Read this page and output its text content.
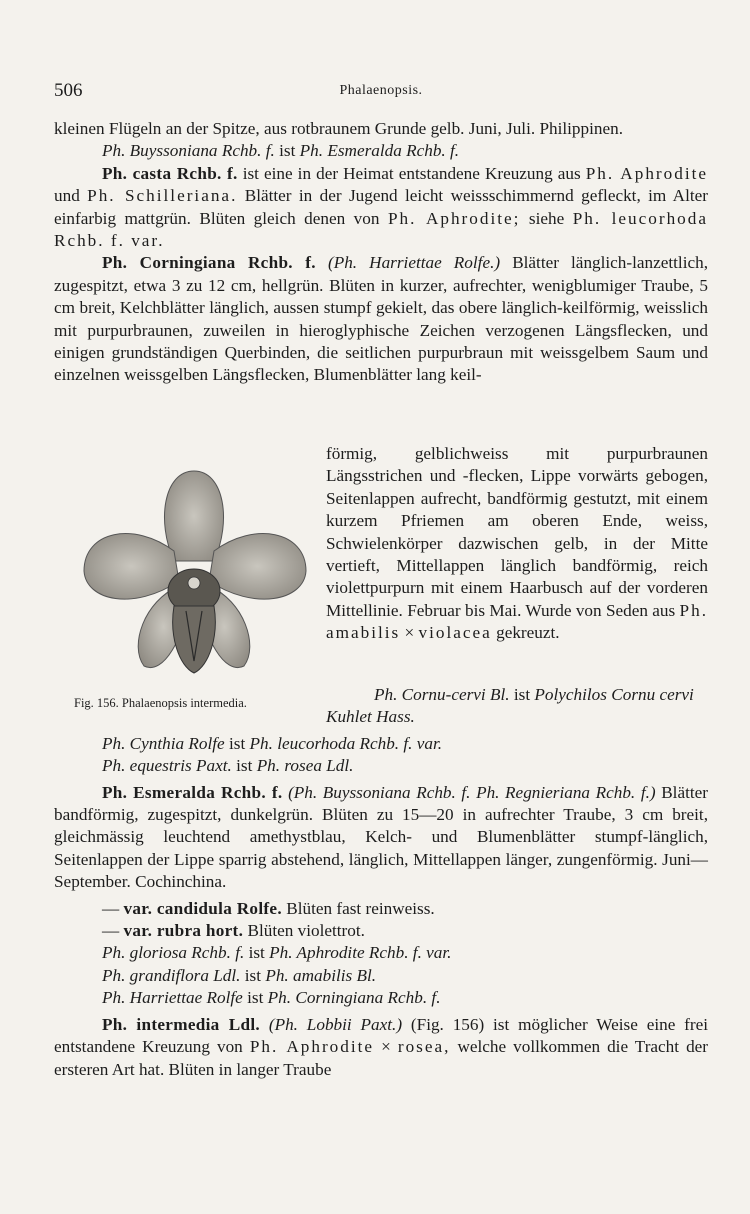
506	Phalaenopsis.

kleinen Flügeln an der Spitze, aus rotbraunem Grunde gelb. Juni, Juli. Philippinen.

Ph. Buyssoniana Rchb. f. ist Ph. Esmeralda Rchb. f.

Ph. casta Rchb. f. ist eine in der Heimat entstandene Kreuzung aus Ph. Aphrodite und Ph. Schilleriana. Blätter in der Jugend leicht weissschimmernd gefleckt, im Alter einfarbig mattgrün. Blüten gleich denen von Ph. Aphrodite; siehe Ph. leucorhoda Rchb. f. var.

Ph. Corningiana Rchb. f. (Ph. Harriettae Rolfe.) Blätter länglich-lanzettlich, zugespitzt, etwa 3 zu 12 cm, hellgrün. Blüten in kurzer, aufrechter, wenigblumiger Traube, 5 cm breit, Kelchblätter länglich, aussen stumpf gekielt, das obere länglich-keilförmig, weisslich mit purpurbraunen, zuweilen in hieroglyphische Zeichen verzogenen Längsflecken, und einigen grundständigen Querbinden, die seitlichen purpurbraun mit weissgelbem Saum und einzelnen weissgelben Längsflecken, Blumenblätter lang keil-

Fig. 156. Phalaenopsis intermedia.

förmig, gelblichweiss mit purpurbraunen Längsstrichen und -flecken, Lippe vorwärts gebogen, Seitenlappen aufrecht, bandförmig gestutzt, mit einem kurzem Pfriemen am oberen Ende, weiss, Schwielenkörper dazwischen gelb, in der Mitte vertieft, Mittellappen länglich bandförmig, reich violettpurpurn mit einem Haarbusch auf der vorderen Mittellinie. Februar bis Mai. Wurde von Seden aus Ph. amabilis × violacea gekreuzt.

Ph. Cornu-cervi Bl. ist Polychilos Cornu cervi Kuhlet Hass.

Ph. Cynthia Rolfe ist Ph. leucorhoda Rchb. f. var.

Ph. equestris Paxt. ist Ph. rosea Ldl.

Ph. Esmeralda Rchb. f. (Ph. Buyssoniana Rchb. f. Ph. Regnieriana Rchb. f.) Blätter bandförmig, zugespitzt, dunkelgrün. Blüten zu 15—20 in aufrechter Traube, 3 cm breit, gleichmässig leuchtend amethystblau, Kelch- und Blumenblätter stumpf-länglich, Seitenlappen der Lippe sparrig abstehend, länglich, Mittellappen länger, zungenförmig. Juni—September. Cochinchina.

— var. candidula Rolfe. Blüten fast reinweiss.

— var. rubra hort. Blüten violettrot.

Ph. gloriosa Rchb. f. ist Ph. Aphrodite Rchb. f. var.

Ph. grandiflora Ldl. ist Ph. amabilis Bl.

Ph. Harriettae Rolfe ist Ph. Corningiana Rchb. f.

Ph. intermedia Ldl. (Ph. Lobbii Paxt.) (Fig. 156) ist möglicher Weise eine frei entstandene Kreuzung von Ph. Aphrodite × rosea, welche vollkommen die Tracht der ersteren Art hat. Blüten in langer Traube
